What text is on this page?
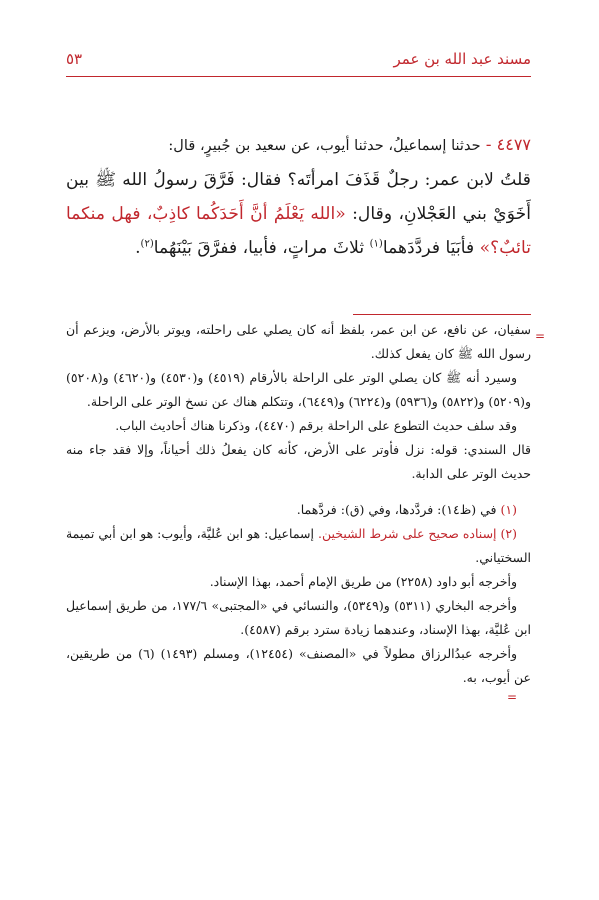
مسند عبد الله بن عمر
٥٣

٤٤٧٧ - حدثنا إسماعيلُ، حدثنا أيوب، عن سعيد بن جُبيرٍ، قال:

قلتُ لابن عمر: رجلٌ قَذَفَ امرأتَه؟ فقال: فَرَّقَ رسولُ الله ﷺ بين أَخَوَيْ بني العَجْلانِ، وقال: «الله يَعْلَمُ أنَّ أَحَدَكُما كاذِبٌ، فهل منكما تائبٌ؟» فأبَيَا فردَّدَهما$^{(١)}$ ثلاثَ مراتٍ، فأبيا، ففرَّقَ بَيْنَهُما$^{(٢)}$.

=

سفيان، عن نافع، عن ابن عمر، بلفظ أنه كان يصلي على راحلته، ويوتر بالأرض، ويزعم أن رسول الله ﷺ كان يفعل كذلك.

وسيرد أنه ﷺ كان يصلي الوتر على الراحلة بالأرقام (٤٥١٩) و(٤٥٣٠) و(٤٦٢٠) و(٥٢٠٨) و(٥٢٠٩) و(٥٨٢٢) و(٥٩٣٦) و(٦٢٢٤) و(٦٤٤٩)، وتتكلم هناك عن نسخ الوتر على الراحلة.

وقد سلف حديث التطوع على الراحلة برقم (٤٤٧٠)، وذكرنا هناك أحاديث الباب.

قال السندي: قوله: نزل فأوتر على الأرض، كأنه كان يفعلُ ذلك أحياناً، وإلا فقد جاء منه حديث الوتر على الدابة.

(١) في (ظ١٤): فردَّدها، وفي (ق): فردَّهما.

(٢) إسناده صحيح على شرط الشيخين. إسماعيل: هو ابن عُليَّة، وأيوب: هو ابن أبي تميمة السختياني.

وأخرجه أبو داود (٢٢٥٨) من طريق الإمام أحمد، بهذا الإسناد.

وأخرجه البخاري (٥٣١١) و(٥٣٤٩)، والنسائي في «المجتبى» ١٧٧/٦، من طريق إسماعيل ابن عُليَّة، بهذا الإسناد، وعندهما زيادة سترد برقم (٤٥٨٧).

وأخرجه عبدُالرزاق مطولاً في «المصنف» (١٢٤٥٤)، ومسلم (١٤٩٣) (٦) من طريقين، عن أيوب، به.

=
